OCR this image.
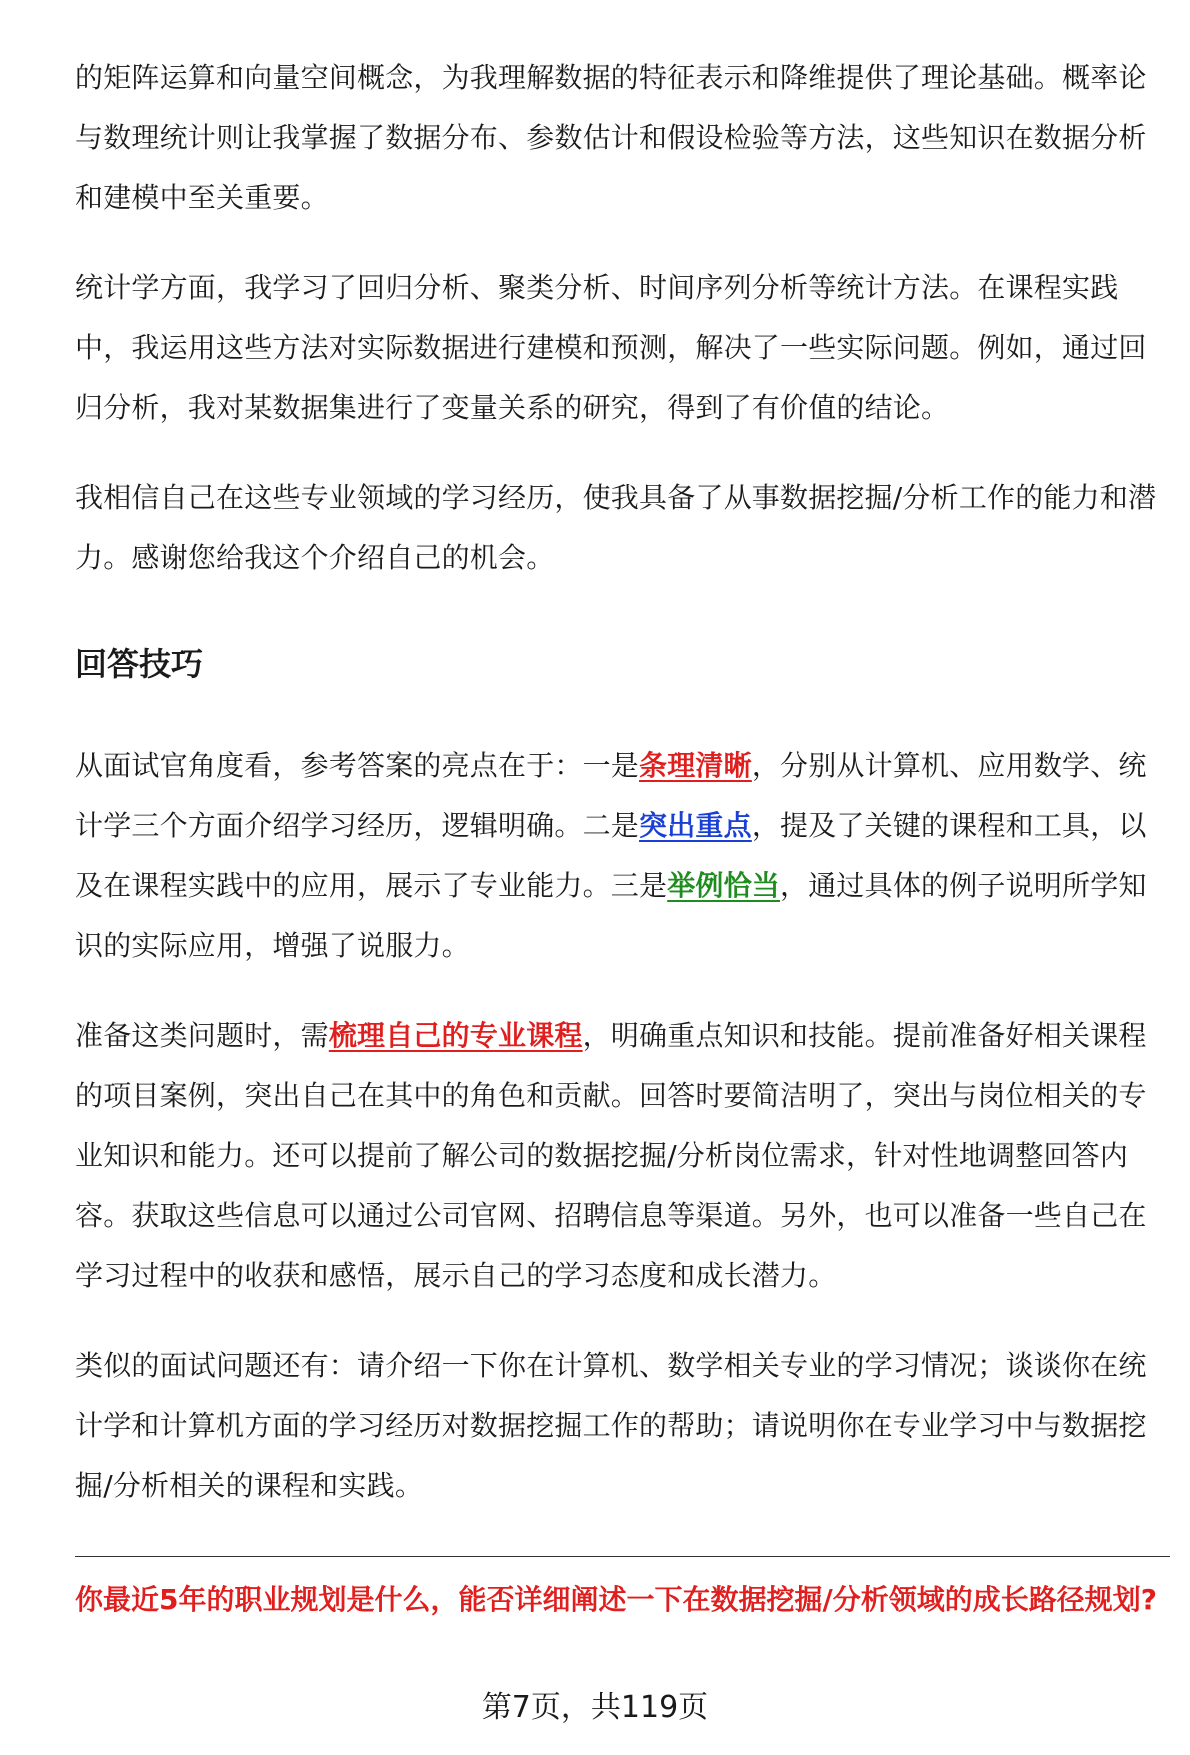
的矩阵运算和向量空间概念，为我理解数据的特征表示和降维提供了理论基础。概率论与数理统计则让我掌握了数据分布、参数估计和假设检验等方法，这些知识在数据分析和建模中至关重要。

统计学方面，我学习了回归分析、聚类分析、时间序列分析等统计方法。在课程实践中，我运用这些方法对实际数据进行建模和预测，解决了一些实际问题。例如，通过回归分析，我对某数据集进行了变量关系的研究，得到了有价值的结论。

我相信自己在这些专业领域的学习经历，使我具备了从事数据挖掘/分析工作的能力和潜力。感谢您给我这个介绍自己的机会。

回答技巧

从面试官角度看，参考答案的亮点在于：一是条理清晰，分别从计算机、应用数学、统计学三个方面介绍学习经历，逻辑明确。二是突出重点，提及了关键的课程和工具，以及在课程实践中的应用，展示了专业能力。三是举例恰当，通过具体的例子说明所学知识的实际应用，增强了说服力。

准备这类问题时，需梳理自己的专业课程，明确重点知识和技能。提前准备好相关课程的项目案例，突出自己在其中的角色和贡献。回答时要简洁明了，突出与岗位相关的专业知识和能力。还可以提前了解公司的数据挖掘/分析岗位需求，针对性地调整回答内容。获取这些信息可以通过公司官网、招聘信息等渠道。另外，也可以准备一些自己在学习过程中的收获和感悟，展示自己的学习态度和成长潜力。

类似的面试问题还有：请介绍一下你在计算机、数学相关专业的学习情况；谈谈你在统计学和计算机方面的学习经历对数据挖掘工作的帮助；请说明你在专业学习中与数据挖掘/分析相关的课程和实践。

你最近5年的职业规划是什么，能否详细阐述一下在数据挖掘/分析领域的成长路径规划?

第7页，共119页
